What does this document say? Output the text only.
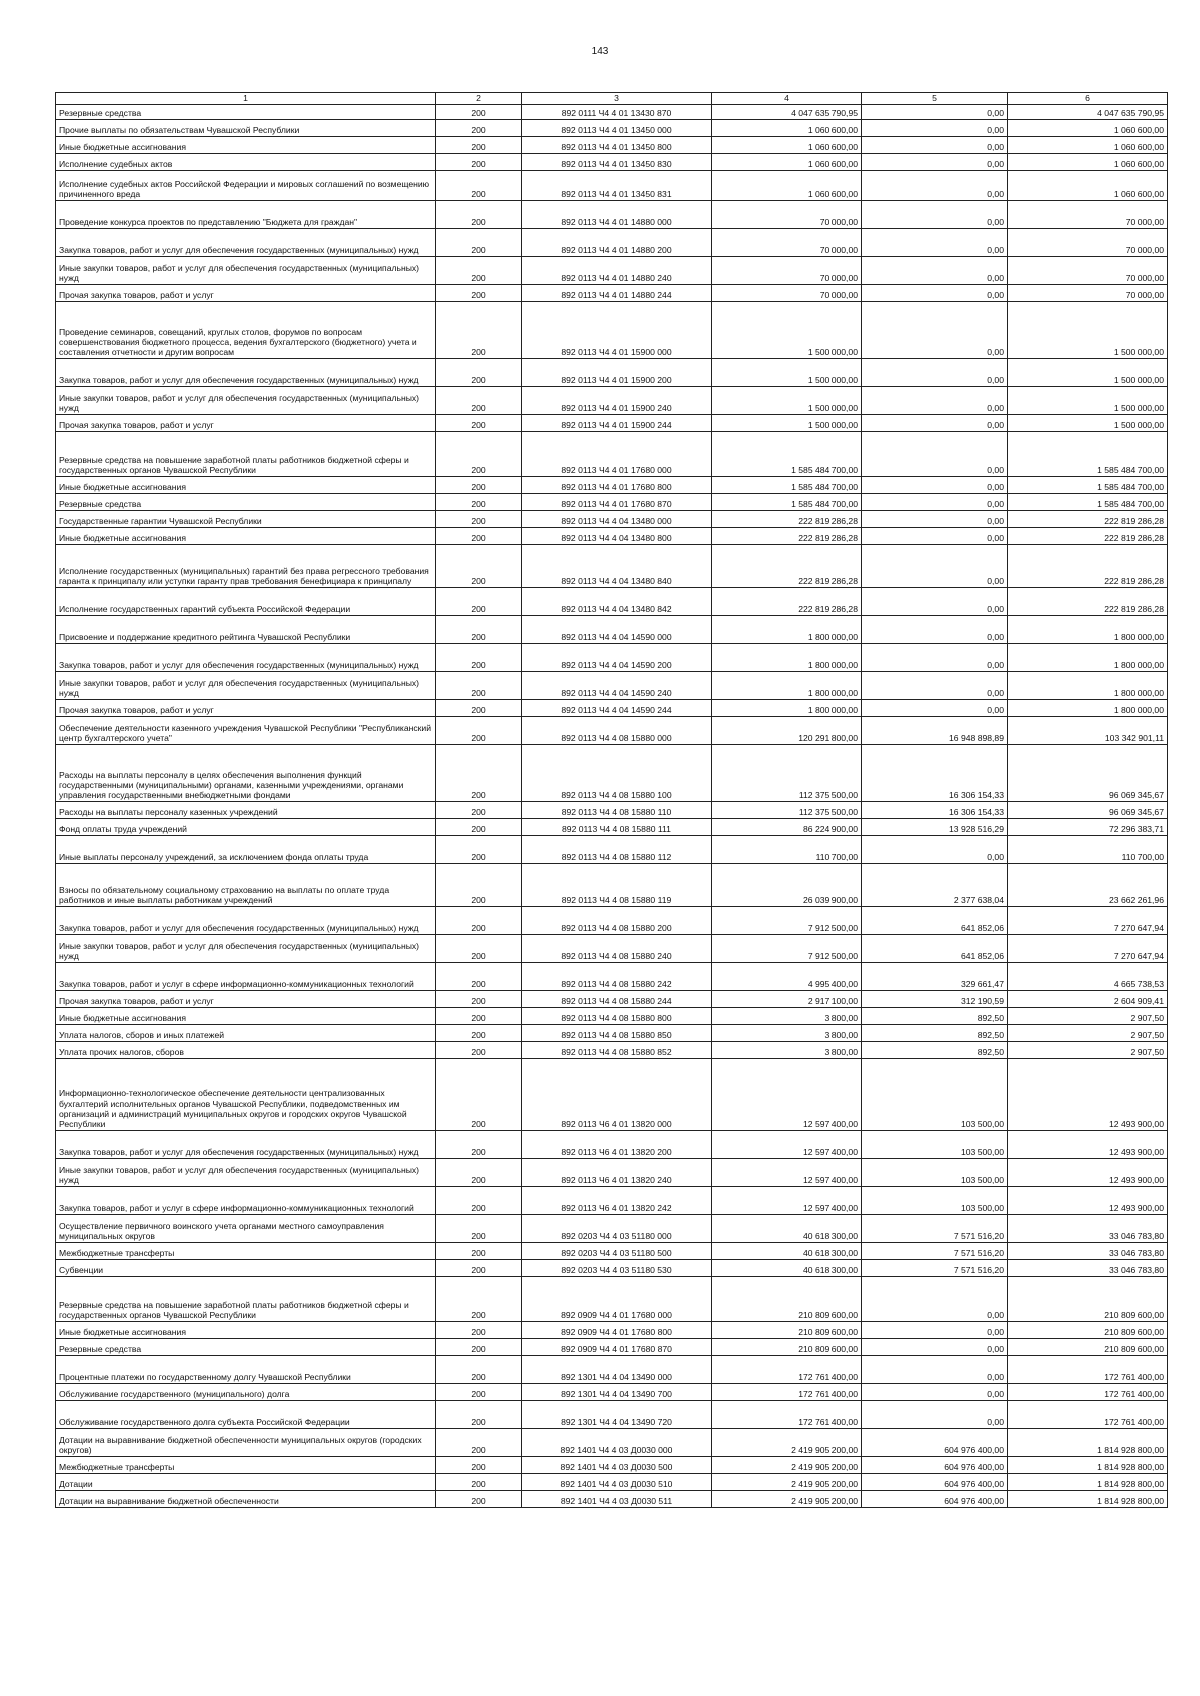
143
1	2	3	4	5	6
Резервные средства	200	892 0111 Ч4 4 01 13430 870	4 047 635 790,95	0,00	4 047 635 790,95
Прочие выплаты по обязательствам Чувашской Республики	200	892 0113 Ч4 4 01 13450 000	1 060 600,00	0,00	1 060 600,00
Иные бюджетные ассигнования	200	892 0113 Ч4 4 01 13450 800	1 060 600,00	0,00	1 060 600,00
Исполнение судебных актов	200	892 0113 Ч4 4 01 13450 830	1 060 600,00	0,00	1 060 600,00
Исполнение судебных актов Российской Федерации и мировых соглашений по возмещению причиненного вреда	200	892 0113 Ч4 4 01 13450 831	1 060 600,00	0,00	1 060 600,00
Проведение конкурса проектов по представлению "Бюджета для граждан"	200	892 0113 Ч4 4 01 14880 000	70 000,00	0,00	70 000,00
Закупка товаров, работ и услуг для обеспечения государственных (муниципальных) нужд	200	892 0113 Ч4 4 01 14880 200	70 000,00	0,00	70 000,00
Иные закупки товаров, работ и услуг для обеспечения государственных (муниципальных) нужд	200	892 0113 Ч4 4 01 14880 240	70 000,00	0,00	70 000,00
Прочая закупка товаров, работ и услуг	200	892 0113 Ч4 4 01 14880 244	70 000,00	0,00	70 000,00
Проведение семинаров, совещаний, круглых столов, форумов по вопросам совершенствования бюджетного процесса, ведения бухгалтерского (бюджетного) учета и составления отчетности и другим вопросам	200	892 0113 Ч4 4 01 15900 000	1 500 000,00	0,00	1 500 000,00
Закупка товаров, работ и услуг для обеспечения государственных (муниципальных) нужд	200	892 0113 Ч4 4 01 15900 200	1 500 000,00	0,00	1 500 000,00
Иные закупки товаров, работ и услуг для обеспечения государственных (муниципальных) нужд	200	892 0113 Ч4 4 01 15900 240	1 500 000,00	0,00	1 500 000,00
Прочая закупка товаров, работ и услуг	200	892 0113 Ч4 4 01 15900 244	1 500 000,00	0,00	1 500 000,00
Резервные средства на повышение заработной платы работников бюджетной сферы и государственных органов Чувашской Республики	200	892 0113 Ч4 4 01 17680 000	1 585 484 700,00	0,00	1 585 484 700,00
Иные бюджетные ассигнования	200	892 0113 Ч4 4 01 17680 800	1 585 484 700,00	0,00	1 585 484 700,00
Резервные средства	200	892 0113 Ч4 4 01 17680 870	1 585 484 700,00	0,00	1 585 484 700,00
Государственные гарантии Чувашской Республики	200	892 0113 Ч4 4 04 13480 000	222 819 286,28	0,00	222 819 286,28
Иные бюджетные ассигнования	200	892 0113 Ч4 4 04 13480 800	222 819 286,28	0,00	222 819 286,28
Исполнение государственных (муниципальных) гарантий без права регрессного требования гаранта к принципалу или уступки гаранту прав требования бенефициара к принципалу	200	892 0113 Ч4 4 04 13480 840	222 819 286,28	0,00	222 819 286,28
Исполнение государственных гарантий субъекта Российской Федерации	200	892 0113 Ч4 4 04 13480 842	222 819 286,28	0,00	222 819 286,28
Присвоение и поддержание кредитного рейтинга Чувашской Республики	200	892 0113 Ч4 4 04 14590 000	1 800 000,00	0,00	1 800 000,00
Закупка товаров, работ и услуг для обеспечения государственных (муниципальных) нужд	200	892 0113 Ч4 4 04 14590 200	1 800 000,00	0,00	1 800 000,00
Иные закупки товаров, работ и услуг для обеспечения государственных (муниципальных) нужд	200	892 0113 Ч4 4 04 14590 240	1 800 000,00	0,00	1 800 000,00
Прочая закупка товаров, работ и услуг	200	892 0113 Ч4 4 04 14590 244	1 800 000,00	0,00	1 800 000,00
Обеспечение деятельности казенного учреждения Чувашской Республики "Республиканский центр бухгалтерского учета"	200	892 0113 Ч4 4 08 15880 000	120 291 800,00	16 948 898,89	103 342 901,11
Расходы на выплаты персоналу в целях обеспечения выполнения функций государственными (муниципальными) органами, казенными учреждениями, органами управления государственными внебюджетными фондами	200	892 0113 Ч4 4 08 15880 100	112 375 500,00	16 306 154,33	96 069 345,67
Расходы на выплаты персоналу казенных учреждений	200	892 0113 Ч4 4 08 15880 110	112 375 500,00	16 306 154,33	96 069 345,67
Фонд оплаты труда учреждений	200	892 0113 Ч4 4 08 15880 111	86 224 900,00	13 928 516,29	72 296 383,71
Иные выплаты персоналу учреждений, за исключением фонда оплаты труда	200	892 0113 Ч4 4 08 15880 112	110 700,00	0,00	110 700,00
Взносы по обязательному социальному страхованию на выплаты по оплате труда работников и иные выплаты работникам учреждений	200	892 0113 Ч4 4 08 15880 119	26 039 900,00	2 377 638,04	23 662 261,96
Закупка товаров, работ и услуг для обеспечения государственных (муниципальных) нужд	200	892 0113 Ч4 4 08 15880 200	7 912 500,00	641 852,06	7 270 647,94
Иные закупки товаров, работ и услуг для обеспечения государственных (муниципальных) нужд	200	892 0113 Ч4 4 08 15880 240	7 912 500,00	641 852,06	7 270 647,94
Закупка товаров, работ и услуг в сфере информационно-коммуникационных технологий	200	892 0113 Ч4 4 08 15880 242	4 995 400,00	329 661,47	4 665 738,53
Прочая закупка товаров, работ и услуг	200	892 0113 Ч4 4 08 15880 244	2 917 100,00	312 190,59	2 604 909,41
Иные бюджетные ассигнования	200	892 0113 Ч4 4 08 15880 800	3 800,00	892,50	2 907,50
Уплата налогов, сборов и иных платежей	200	892 0113 Ч4 4 08 15880 850	3 800,00	892,50	2 907,50
Уплата прочих налогов, сборов	200	892 0113 Ч4 4 08 15880 852	3 800,00	892,50	2 907,50
Информационно-технологическое обеспечение деятельности централизованных бухгалтерий исполнительных органов Чувашской Республики, подведомственных им организаций и администраций муниципальных округов и городских округов Чувашской Республики	200	892 0113 Ч6 4 01 13820 000	12 597 400,00	103 500,00	12 493 900,00
Закупка товаров, работ и услуг для обеспечения государственных (муниципальных) нужд	200	892 0113 Ч6 4 01 13820 200	12 597 400,00	103 500,00	12 493 900,00
Иные закупки товаров, работ и услуг для обеспечения государственных (муниципальных) нужд	200	892 0113 Ч6 4 01 13820 240	12 597 400,00	103 500,00	12 493 900,00
Закупка товаров, работ и услуг в сфере информационно-коммуникационных технологий	200	892 0113 Ч6 4 01 13820 242	12 597 400,00	103 500,00	12 493 900,00
Осуществление первичного воинского учета органами местного самоуправления муниципальных округов	200	892 0203 Ч4 4 03 51180 000	40 618 300,00	7 571 516,20	33 046 783,80
Межбюджетные трансферты	200	892 0203 Ч4 4 03 51180 500	40 618 300,00	7 571 516,20	33 046 783,80
Субвенции	200	892 0203 Ч4 4 03 51180 530	40 618 300,00	7 571 516,20	33 046 783,80
Резервные средства на повышение заработной платы работников бюджетной сферы и государственных органов Чувашской Республики	200	892 0909 Ч4 4 01 17680 000	210 809 600,00	0,00	210 809 600,00
Иные бюджетные ассигнования	200	892 0909 Ч4 4 01 17680 800	210 809 600,00	0,00	210 809 600,00
Резервные средства	200	892 0909 Ч4 4 01 17680 870	210 809 600,00	0,00	210 809 600,00
Процентные платежи по государственному долгу Чувашской Республики	200	892 1301 Ч4 4 04 13490 000	172 761 400,00	0,00	172 761 400,00
Обслуживание государственного (муниципального) долга	200	892 1301 Ч4 4 04 13490 700	172 761 400,00	0,00	172 761 400,00
Обслуживание государственного долга субъекта Российской Федерации	200	892 1301 Ч4 4 04 13490 720	172 761 400,00	0,00	172 761 400,00
Дотации на выравнивание бюджетной обеспеченности муниципальных округов (городских округов)	200	892 1401 Ч4 4 03 Д0030 000	2 419 905 200,00	604 976 400,00	1 814 928 800,00
Межбюджетные трансферты	200	892 1401 Ч4 4 03 Д0030 500	2 419 905 200,00	604 976 400,00	1 814 928 800,00
Дотации	200	892 1401 Ч4 4 03 Д0030 510	2 419 905 200,00	604 976 400,00	1 814 928 800,00
Дотации на выравнивание бюджетной обеспеченности	200	892 1401 Ч4 4 03 Д0030 511	2 419 905 200,00	604 976 400,00	1 814 928 800,00
